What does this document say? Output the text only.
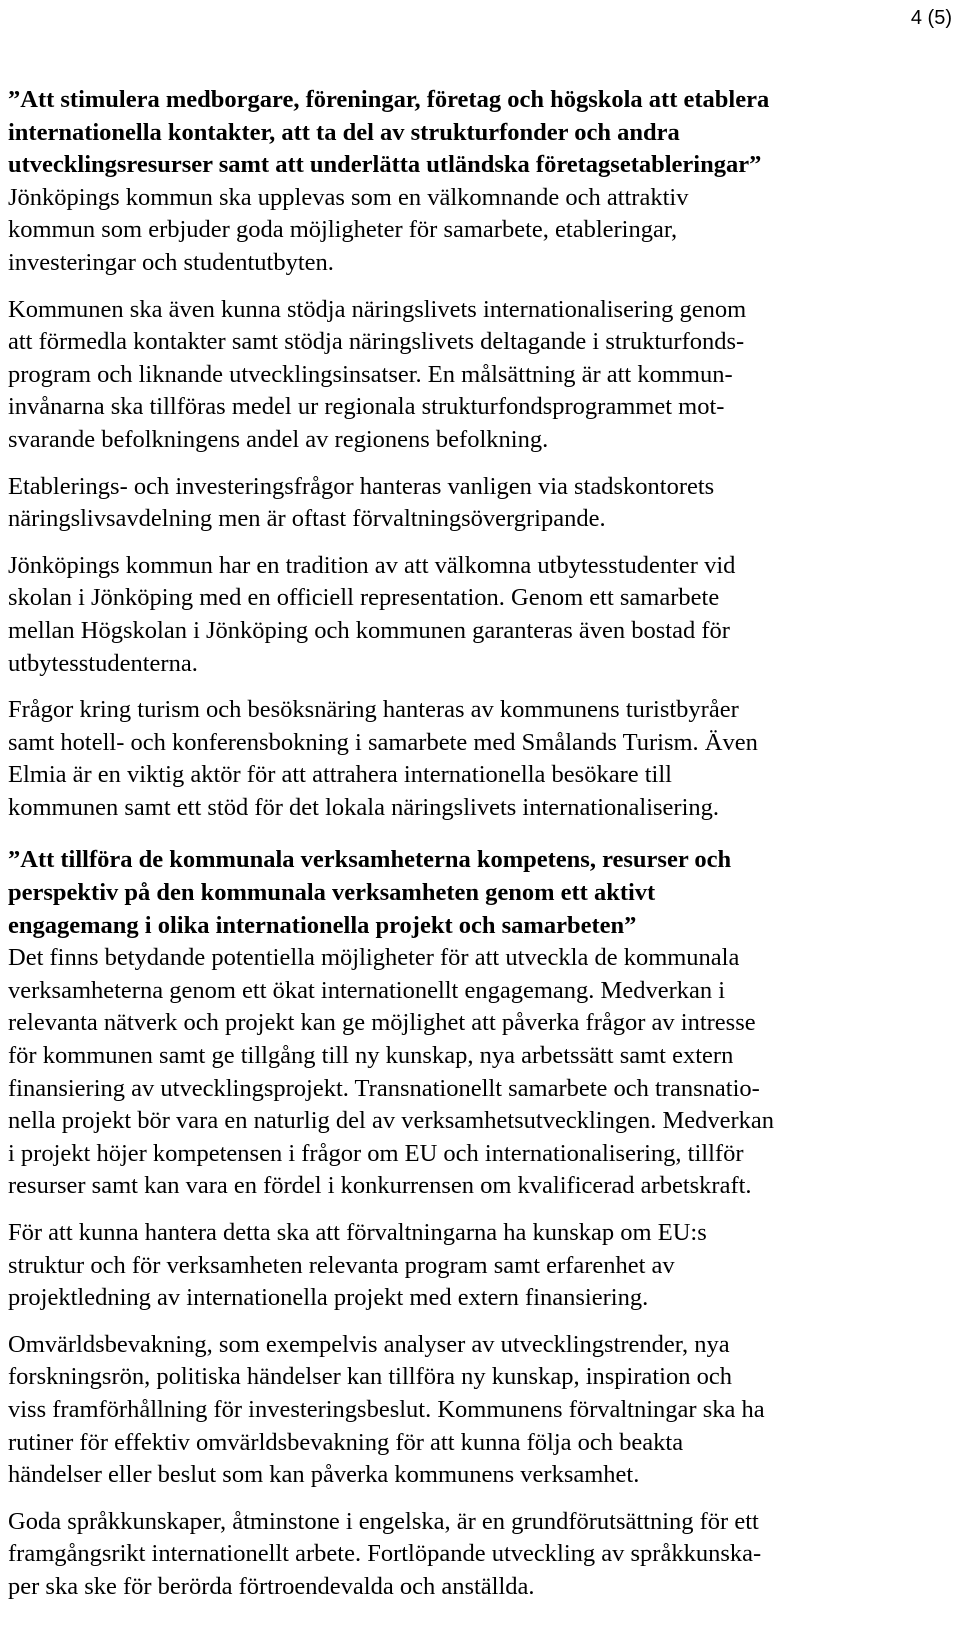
4 (5)

”Att stimulera medborgare, föreningar, företag och högskola att etablera
internationella kontakter, att ta del av strukturfonder och andra
utvecklingsresurser samt att underlätta utländska företagsetableringar”

Jönköpings kommun ska upplevas som en välkomnande och attraktiv
kommun som erbjuder goda möjligheter för samarbete, etableringar,
investeringar och studentutbyten.

Kommunen ska även kunna stödja näringslivets internationalisering genom
att förmedla kontakter samt stödja näringslivets deltagande i strukturfonds-
program och liknande utvecklingsinsatser. En målsättning är att kommun-
invånarna ska tillföras medel ur regionala strukturfondsprogrammet mot-
svarande befolkningens andel av regionens befolkning.

Etablerings- och investeringsfrågor hanteras vanligen via stadskontorets
näringslivsavdelning men är oftast förvaltningsövergripande.

Jönköpings kommun har en tradition av att välkomna utbytesstudenter vid
skolan i Jönköping med en officiell representation. Genom ett samarbete
mellan Högskolan i Jönköping och kommunen garanteras även bostad för
utbytesstudenterna.

Frågor kring turism och besöksnäring hanteras av kommunens turistbyråer
samt hotell- och konferensbokning i samarbete med Smålands Turism. Även
Elmia är en viktig aktör för att attrahera internationella besökare till
kommunen samt ett stöd för det lokala näringslivets internationalisering.

”Att tillföra de kommunala verksamheterna kompetens, resurser och
perspektiv på den kommunala verksamheten genom ett aktivt
engagemang i olika internationella projekt och samarbeten”

Det finns betydande potentiella möjligheter för att utveckla de kommunala
verksamheterna genom ett ökat internationellt engagemang. Medverkan i
relevanta nätverk och projekt kan ge möjlighet att påverka frågor av intresse
för kommunen samt ge tillgång till ny kunskap, nya arbetssätt samt extern
finansiering av utvecklingsprojekt. Transnationellt samarbete och transnatio-
nella projekt bör vara en naturlig del av verksamhetsutvecklingen. Medverkan
i projekt höjer kompetensen i frågor om EU och internationalisering, tillför
resurser samt kan vara en fördel i konkurrensen om kvalificerad arbetskraft.

För att kunna hantera detta ska att förvaltningarna ha kunskap om EU:s
struktur och för verksamheten relevanta program samt erfarenhet av
projektledning av internationella projekt med extern finansiering.

Omvärldsbevakning, som exempelvis analyser av utvecklingstrender, nya
forskningsrön, politiska händelser kan tillföra ny kunskap, inspiration och
viss framförhållning för investeringsbeslut. Kommunens förvaltningar ska ha
rutiner för effektiv omvärldsbevakning för att kunna följa och beakta
händelser eller beslut som kan påverka kommunens verksamhet.

Goda språkkunskaper, åtminstone i engelska, är en grundförutsättning för ett
framgångsrikt internationellt arbete. Fortlöpande utveckling av språkkunska-
per ska ske för berörda förtroendevalda och anställda.
